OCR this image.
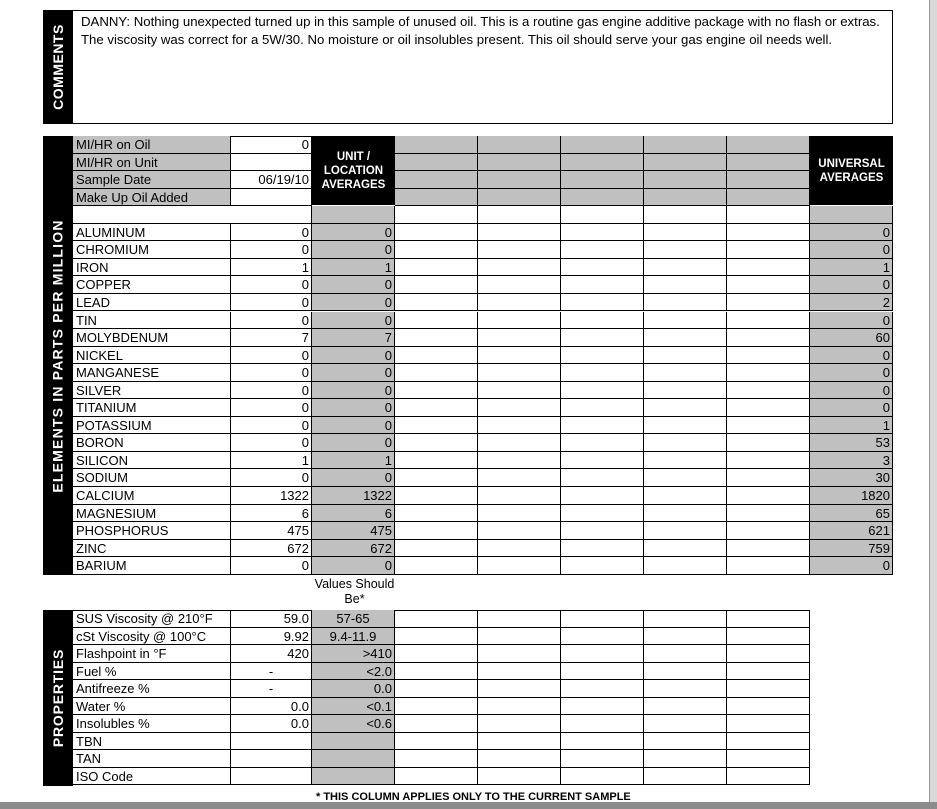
COMMENTS
DANNY: Nothing unexpected turned up in this sample of unused oil. This is a routine gas engine additive package with no flash or extras. The viscosity was correct for a 5W/30. No moisture or oil insolubles present. This oil should serve your gas engine oil needs well.
ELEMENTS IN PARTS PER MILLION
PROPERTIES
UNIT / LOCATION AVERAGES
UNIVERSAL AVERAGES
MI/HR on Oil	0
MI/HR on Unit
Sample Date	06/19/10
Make Up Oil Added
ALUMINUM	0	0	0
CHROMIUM	0	0	0
IRON	1	1	1
COPPER	0	0	0
LEAD	0	0	2
TIN	0	0	0
MOLYBDENUM	7	7	60
NICKEL	0	0	0
MANGANESE	0	0	0
SILVER	0	0	0
TITANIUM	0	0	0
POTASSIUM	0	0	1
BORON	0	0	53
SILICON	1	1	3
SODIUM	0	0	30
CALCIUM	1322	1322	1820
MAGNESIUM	6	6	65
PHOSPHORUS	475	475	621
ZINC	672	672	759
BARIUM	0	0	0
SUS Viscosity @ 210°F	59.0	57-65
cSt Viscosity @ 100°C	9.92	9.4-11.9
Flashpoint in °F	420	>410
Fuel %	-	<2.0
Antifreeze %	-	0.0
Water %	0.0	<0.1
Insolubles %	0.0	<0.6
TBN
TAN
ISO Code
Values Should Be*
* THIS COLUMN APPLIES ONLY TO THE CURRENT SAMPLE
